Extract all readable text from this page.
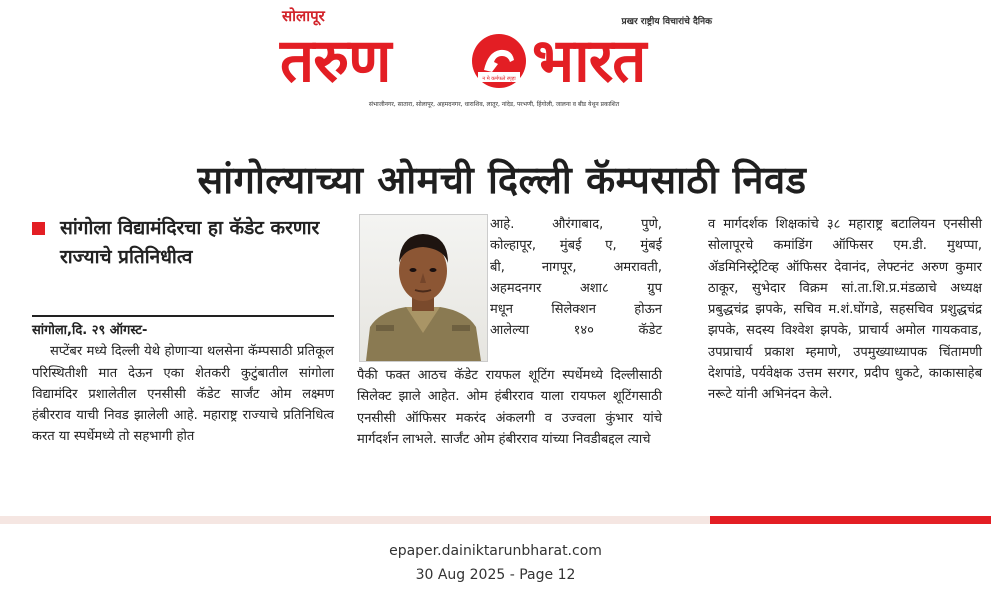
सोलापूर	प्रखर राष्ट्रीय विचारांचे दैनिक
तरुण	न मे कर्मफले स्पृहा भारत
संभाजीनगर, सातारा, सोलापूर, अहमदनगर, धाराशिव, लातूर, नांदेड, परभणी, हिंगोली, जालना व बीड येथून प्रकाशित
सांगोल्याच्या ओमची दिल्ली कॅम्पसाठी निवड
सांगोला विद्यामंदिरचा हा कॅडेट करणार राज्याचे प्रतिनिधीत्व

सांगोला,दि. २९ ऑगस्ट-

सप्टेंबर मध्ये दिल्ली येथे होणाऱ्या थलसेना कॅम्पसाठी प्रतिकूल परिस्थितीशी मात देऊन एका शेतकरी कुटुंबातील सांगोला विद्यामंदिर प्रशालेतील एनसीसी कॅडेट सार्जंट ओम लक्ष्मण हंबीरराव याची निवड झालेली आहे. महाराष्ट्र राज्याचे प्रतिनिधित्व करत या स्पर्धेमध्ये तो सहभागी होत

आहे. औरंगाबाद, पुणे,
कोल्हापूर, मुंबई ए, मुंबई
बी, नागपूर, अमरावती,
अहमदनगर अशा८ ग्रुप
मधून सिलेक्शन होऊन
आलेल्या १४० कॅडेट

पैकी फक्त आठच कॅडेट रायफल शूटिंग स्पर्धेमध्ये दिल्लीसाठी सिलेक्ट झाले आहेत. ओम हंबीरराव याला रायफल शूटिंगसाठी एनसीसी ऑफिसर मकरंद अंकलगी व उज्वला कुंभार यांचे मार्गदर्शन लाभले. सार्जंट ओम हंबीरराव यांच्या निवडीबद्दल त्याचे

व मार्गदर्शक शिक्षकांचे ३८ महाराष्ट्र बटालियन एनसीसी सोलापूरचे कमांडिंग ऑफिसर एम.डी. मुथप्पा, ॲडमिनिस्ट्रेटिव्ह ऑफिसर देवानंद, लेफ्टनंट अरुण कुमार ठाकूर, सुभेदार विक्रम सां.ता.शि.प्र.मंडळाचे अध्यक्ष प्रबुद्धचंद्र झपके, सचिव म.शं.घोंगडे, सहसचिव प्रशुद्धचंद्र झपके, सदस्य विश्वेश झपके, प्राचार्य अमोल गायकवाड, उपप्राचार्य प्रकाश म्हमाणे, उपमुख्याध्यापक चिंतामणी देशपांडे, पर्यवेक्षक उत्तम सरगर, प्रदीप धुकटे, काकासाहेब नरूटे यांनी अभिनंदन केले.

epaper.dainiktarunbharat.com
30 Aug 2025 - Page 12
